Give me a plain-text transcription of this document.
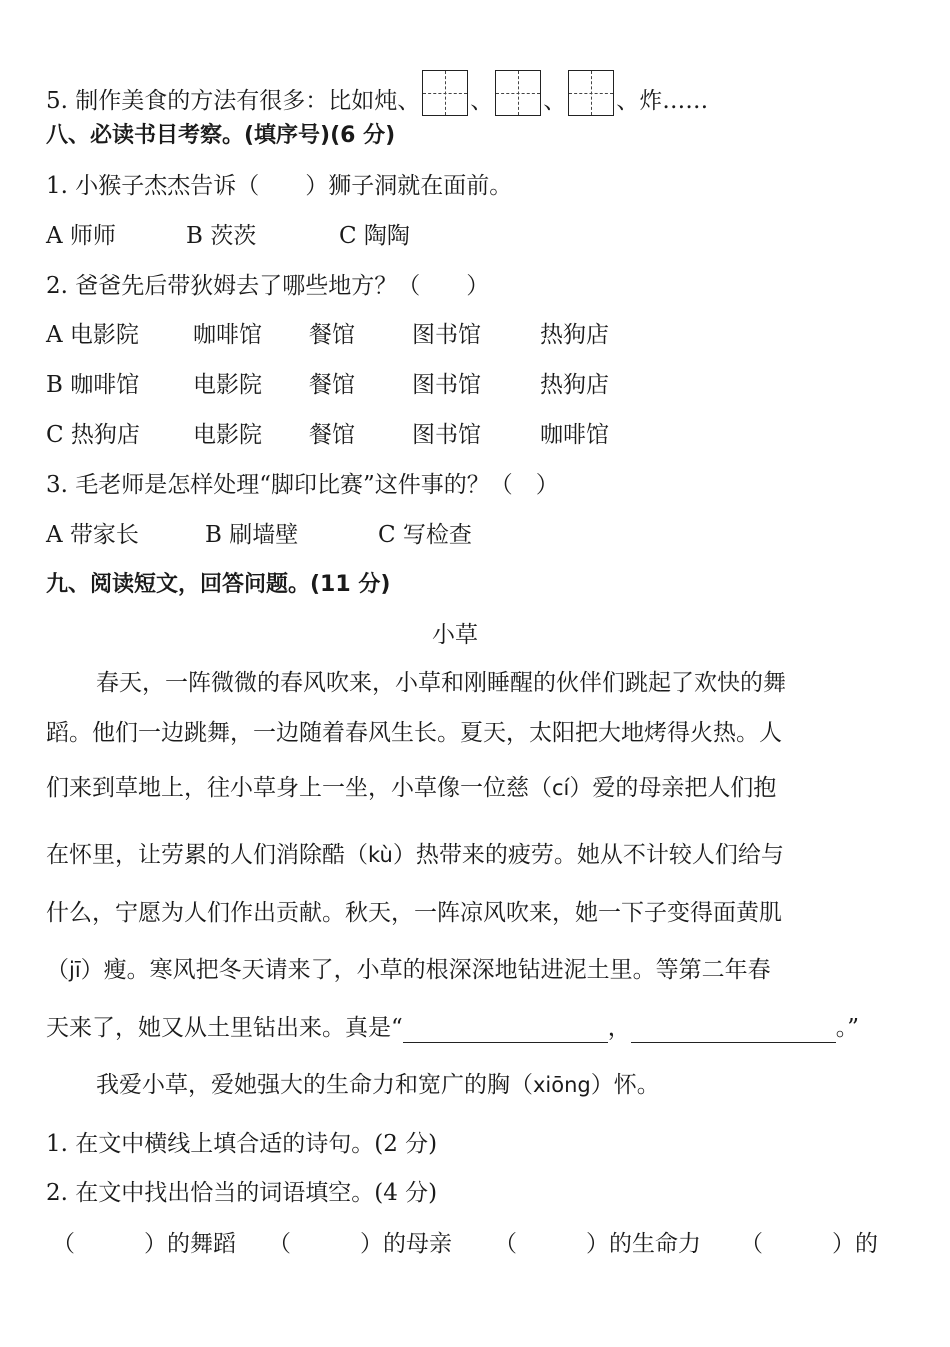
5. 制作美食的方法有很多：比如炖、 、 、 、炸……
八、必读书目考察。(填序号)(6 分)
1. 小猴子杰杰告诉（　　）狮子洞就在面前。
A 师师	B 茨茨	C 陶陶
2. 爸爸先后带狄姆去了哪些地方？（　　）
A 电影院 咖啡馆 餐馆 图书馆	热狗店
B 咖啡馆 电影院 餐馆 图书馆	热狗店
C 热狗店 电影院 餐馆 图书馆	咖啡馆
3. 毛老师是怎样处理“脚印比赛”这件事的？（　）
A 带家长	B 刷墙壁	C 写检查
九、阅读短文，回答问题。(11 分)
小草
春天，一阵微微的春风吹来，小草和刚睡醒的伙伴们跳起了欢快的舞
蹈。他们一边跳舞，一边随着春风生长。夏天，太阳把大地烤得火热。人
们来到草地上，往小草身上一坐，小草像一位慈（cí）爱的母亲把人们抱
在怀里，让劳累的人们消除酷（kù）热带来的疲劳。她从不计较人们给与
什么，宁愿为人们作出贡献。秋天，一阵凉风吹来，她一下子变得面黄肌
（jī）瘦。寒风把冬天请来了，小草的根深深地钻进泥土里。等第二年春
天来了，她又从土里钻出来。真是“	，	。”
我爱小草，爱她强大的生命力和宽广的胸（xiōng）怀。
1. 在文中横线上填合适的诗句。(2 分)
2. 在文中找出恰当的词语填空。(4 分)
（　　　）的舞蹈 （　　　）的母亲 （　　　）的生命力 （　　　）的
